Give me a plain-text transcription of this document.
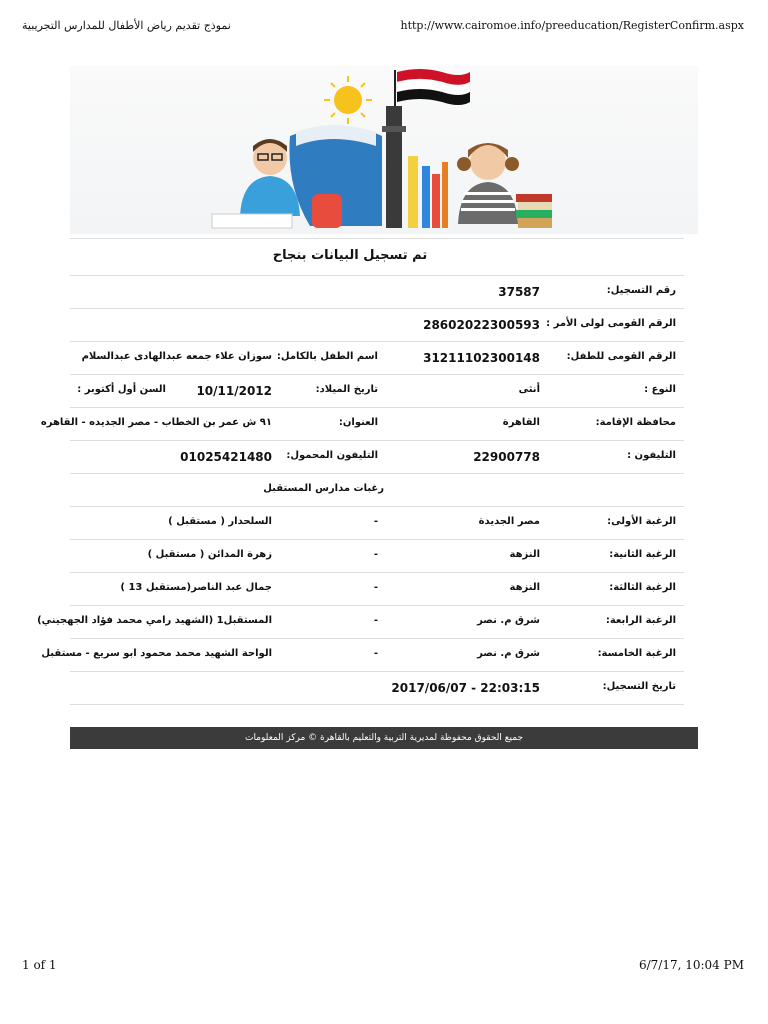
نموذج تقديم رياض الأطفال للمدارس التجريبية	http://www.cairomoe.info/preeducation/RegisterConfirm.aspx
تم تسجيل البيانات بنجاح
رقم التسجيل:
37587
الرقم القومى لولى الأمر :
28602022300593
الرقم القومى للطفل:
31211102300148
اسم الطفل بالكامل:
سوزان علاء جمعه عبدالهادى عبدالسلام
النوع :
أنثى
تاريخ الميلاد:
10/11/2012
السن أول أكتوبر :
محافظة الإقامة:
القاهرة
العنوان:
٩١ ش عمر بن الخطاب - مصر الجديده - القاهره
التليفون :
22900778
التليفون المحمول:
01025421480
رغبات مدارس المستقبل
الرغبة الأولى:
مصر الجديدة
-
السلحدار ( مستقبل )
الرغبة الثانية:
النزهة
-
زهرة المدائن ( مستقبل )
الرغبة الثالثة:
النزهة
-
جمال عبد الناصر(مستقبل 13 )
الرغبة الرابعة:
شرق م. نصر
-
المستقبل1 (الشهيد رامي محمد فؤاد الجهجيني)
الرغبة الخامسة:
شرق م. نصر
-
الواحة الشهيد محمد محمود ابو سريع - مستقبل
تاريخ التسجيل:
2017/06/07 - 22:03:15
جميع الحقوق محفوظة لمديرية التربية والتعليم بالقاهرة © مركز المعلومات
1 of 1	6/7/17, 10:04 PM
